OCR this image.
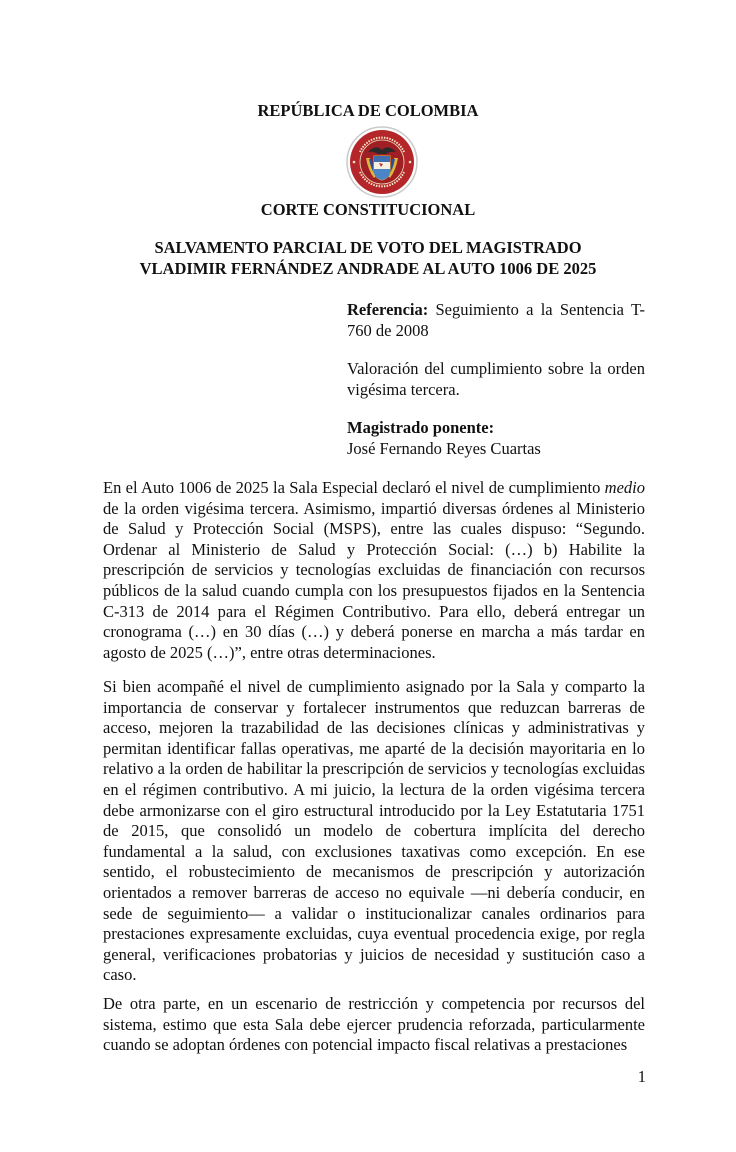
REPÚBLICA DE COLOMBIA
CORTE CONSTITUCIONAL
SALVAMENTO PARCIAL DE VOTO DEL MAGISTRADO
VLADIMIR FERNÁNDEZ ANDRADE AL AUTO 1006 DE 2025
Referencia: Seguimiento a la Sentencia T-760 de 2008
Valoración del cumplimiento sobre la orden vigésima tercera.
Magistrado ponente:
José Fernando Reyes Cuartas

En el Auto 1006 de 2025 la Sala Especial declaró el nivel de cumplimiento medio de la orden vigésima tercera. Asimismo, impartió diversas órdenes al Ministerio de Salud y Protección Social (MSPS), entre las cuales dispuso: “Segundo. Ordenar al Ministerio de Salud y Protección Social: (…) b) Habilite la prescripción de servicios y tecnologías excluidas de financiación con recursos públicos de la salud cuando cumpla con los presupuestos fijados en la Sentencia C-313 de 2014 para el Régimen Contributivo. Para ello, deberá entregar un cronograma (…) en 30 días (…) y deberá ponerse en marcha a más tardar en agosto de 2025 (…)”, entre otras determinaciones.

Si bien acompañé el nivel de cumplimiento asignado por la Sala y comparto la importancia de conservar y fortalecer instrumentos que reduzcan barreras de acceso, mejoren la trazabilidad de las decisiones clínicas y administrativas y permitan identificar fallas operativas, me aparté de la decisión mayoritaria en lo relativo a la orden de habilitar la prescripción de servicios y tecnologías excluidas en el régimen contributivo. A mi juicio, la lectura de la orden vigésima tercera debe armonizarse con el giro estructural introducido por la Ley Estatutaria 1751 de 2015, que consolidó un modelo de cobertura implícita del derecho fundamental a la salud, con exclusiones taxativas como excepción. En ese sentido, el robustecimiento de mecanismos de prescripción y autorización orientados a remover barreras de acceso no equivale —ni debería conducir, en sede de seguimiento— a validar o institucionalizar canales ordinarios para prestaciones expresamente excluidas, cuya eventual procedencia exige, por regla general, verificaciones probatorias y juicios de necesidad y sustitución caso a caso.

De otra parte, en un escenario de restricción y competencia por recursos del sistema, estimo que esta Sala debe ejercer prudencia reforzada, particularmente cuando se adoptan órdenes con potencial impacto fiscal relativas a prestaciones

1
